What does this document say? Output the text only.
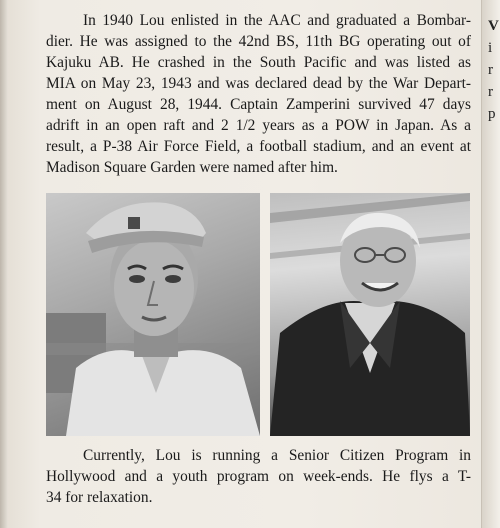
In 1940 Lou enlisted in the AAC and graduated a Bombar-
dier. He was assigned to the 42nd BS, 11th BG operating out of
Kajuku AB. He crashed in the South Pacific and was listed as
MIA on May 23, 1943 and was declared dead by the War Depart-
ment on August 28, 1944. Captain Zamperini survived 47 days
adrift in an open raft and 2 1/2 years as a POW in Japan. As a
result, a P-38 Air Force Field, a football stadium, and an event at
Madison Square Garden were named after him.
Currently, Lou is running a Senior Citizen Program in
Hollywood and a youth program on week-ends. He flys a T-
34 for relaxation.
V
i
r
r
p
